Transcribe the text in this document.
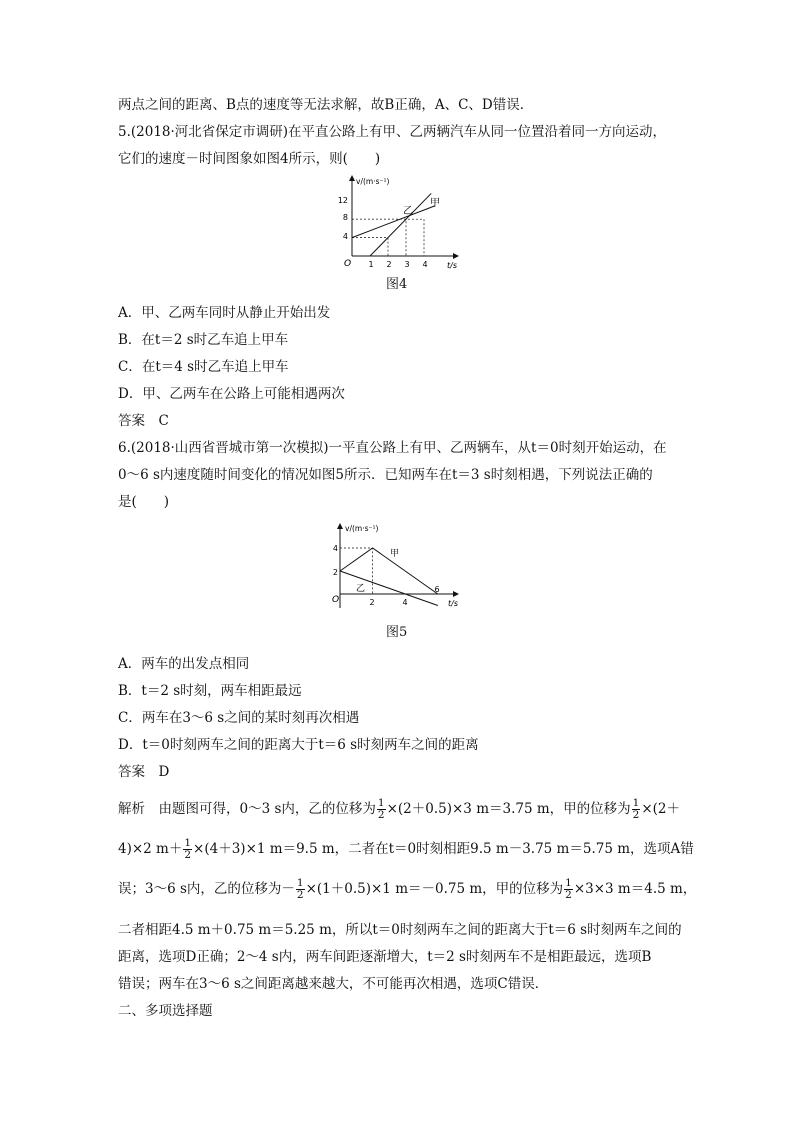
两点之间的距离、B点的速度等无法求解，故B正确，A、C、D错误．
5.(2018·河北省保定市调研)在平直公路上有甲、乙两辆汽车从同一位置沿着同一方向运动，
它们的速度－时间图象如图4所示，则(　　)
v/(m·s⁻¹)
t/s
O
12
8
4
1 2 3 4
乙
甲
图4
A．甲、乙两车同时从静止开始出发
B．在t＝2 s时乙车追上甲车
C．在t＝4 s时乙车追上甲车
D．甲、乙两车在公路上可能相遇两次
答案　C
6.(2018·山西省晋城市第一次模拟)一平直公路上有甲、乙两辆车，从t＝0时刻开始运动，在
0～6 s内速度随时间变化的情况如图5所示．已知两车在t＝3 s时刻相遇，下列说法正确的
是(　　)
v/(m·s⁻¹)
t/s
O
4
2
2	4
6
甲
乙
图5
A．两车的出发点相同
B．t＝2 s时刻，两车相距最远
C．两车在3～6 s之间的某时刻再次相遇
D．t＝0时刻两车之间的距离大于t＝6 s时刻两车之间的距离
答案　D
解析　由题图可得，0～3 s内，乙的位移为 $\frac{1}{2} \times(2+0.5)\times 3$ m＝3.75 m，甲的位移为 $\frac{1}{2} \times(2+$
4)×2 $m+ \frac{1}{2} \times(4+3)\times 1$ m＝9.5 m，二者在t＝0时刻相距9.5 m－3.75 m＝5.75 m，选项A错
误；3～6 s内，乙的位移为－ $\frac{1}{2} \times(1+0.5)\times 1$ m＝－0.75 m，甲的位移为 $\frac{1}{2} \times 3\times 3$ m＝4.5 m，
二者相距4.5 m＋0.75 m＝5.25 m，所以t＝0时刻两车之间的距离大于t＝6 s时刻两车之间的
距离，选项D正确；2～4 s内，两车间距逐渐增大，t＝2 s时刻两车不是相距最远，选项B
错误；两车在3～6 s之间距离越来越大，不可能再次相遇，选项C错误．
二、多项选择题
